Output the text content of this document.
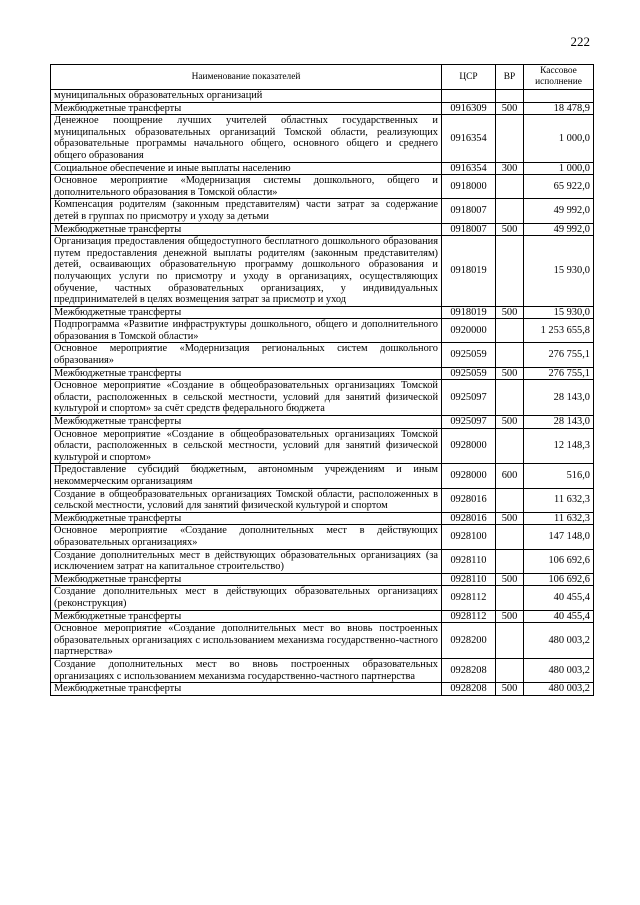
222
Наименование показателей	ЦСР	ВР	Кассовое исполнение
муниципальных образовательных организаций			
Межбюджетные трансферты	0916309	500	18 478,9
Денежное поощрение лучших учителей областных государственных и муниципальных образовательных организаций Томской области, реализующих образовательные программы начального общего, основного общего и среднего общего образования	0916354		1 000,0
Социальное обеспечение и иные выплаты населению	0916354	300	1 000,0
Основное мероприятие «Модернизация системы дошкольного, общего и дополнительного образования в Томской области»	0918000		65 922,0
Компенсация родителям (законным представителям) части затрат за содержание детей в группах по присмотру и уходу за детьми	0918007		49 992,0
Межбюджетные трансферты	0918007	500	49 992,0
Организация предоставления общедоступного бесплатного дошкольного образования путем предоставления денежной выплаты родителям (законным представителям) детей, осваивающих образовательную программу дошкольного образования и получающих услуги по присмотру и уходу в организациях, осуществляющих обучение, частных образовательных организациях, у индивидуальных предпринимателей в целях возмещения затрат за присмотр и уход	0918019		15 930,0
Межбюджетные трансферты	0918019	500	15 930,0
Подпрограмма «Развитие инфраструктуры дошкольного, общего и дополнительного образования в Томской области»	0920000		1 253 655,8
Основное мероприятие «Модернизация региональных систем дошкольного образования»	0925059		276 755,1
Межбюджетные трансферты	0925059	500	276 755,1
Основное мероприятие «Создание в общеобразовательных организациях Томской области, расположенных в сельской местности, условий для занятий физической культурой и спортом» за счёт средств федерального бюджета	0925097		28 143,0
Межбюджетные трансферты	0925097	500	28 143,0
Основное мероприятие «Создание в общеобразовательных организациях Томской области, расположенных в сельской местности, условий для занятий физической культурой и спортом»	0928000		12 148,3
Предоставление субсидий бюджетным, автономным учреждениям и иным некоммерческим организациям	0928000	600	516,0
Создание в общеобразовательных организациях Томской области, расположенных в сельской местности, условий для занятий физической культурой и спортом	0928016		11 632,3
Межбюджетные трансферты	0928016	500	11 632,3
Основное мероприятие «Создание дополнительных мест в действующих образовательных организациях»	0928100		147 148,0
Создание дополнительных мест в действующих образовательных организациях (за исключением затрат на капитальное строительство)	0928110		106 692,6
Межбюджетные трансферты	0928110	500	106 692,6
Создание дополнительных мест в действующих образовательных организациях (реконструкция)	0928112		40 455,4
Межбюджетные трансферты	0928112	500	40 455,4
Основное мероприятие «Создание дополнительных мест во вновь построенных образовательных организациях с использованием механизма государственно-частного партнерства»	0928200		480 003,2
Создание дополнительных мест во вновь построенных образовательных организациях с использованием механизма государственно-частного партнерства	0928208		480 003,2
Межбюджетные трансферты	0928208	500	480 003,2
